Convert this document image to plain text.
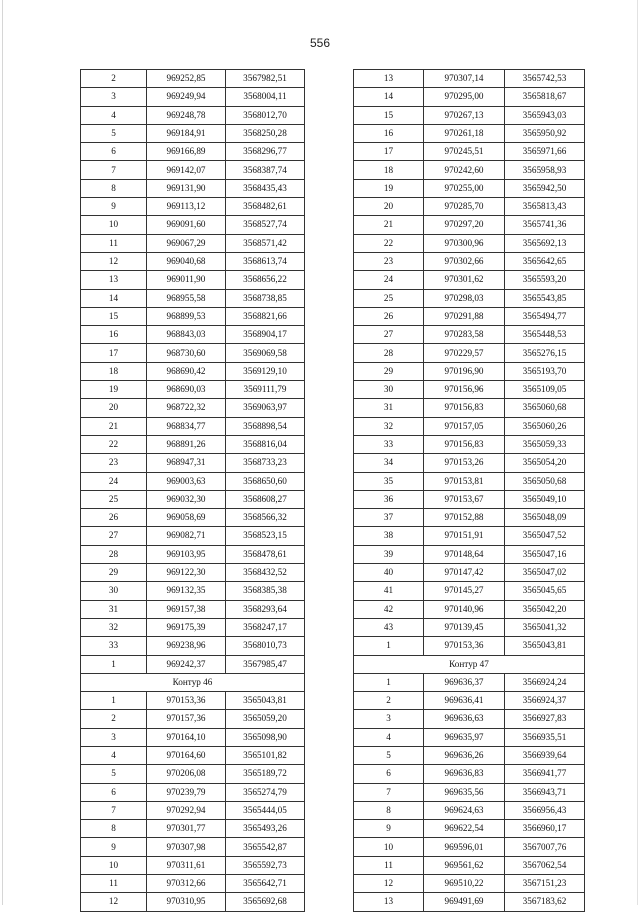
556
2	969252,85	3567982,51
3	969249,94	3568004,11
4	969248,78	3568012,70
5	969184,91	3568250,28
6	969166,89	3568296,77
7	969142,07	3568387,74
8	969131,90	3568435,43
9	969113,12	3568482,61
10	969091,60	3568527,74
11	969067,29	3568571,42
12	969040,68	3568613,74
13	969011,90	3568656,22
14	968955,58	3568738,85
15	968899,53	3568821,66
16	968843,03	3568904,17
17	968730,60	3569069,58
18	968690,42	3569129,10
19	968690,03	3569111,79
20	968722,32	3569063,97
21	968834,77	3568898,54
22	968891,26	3568816,04
23	968947,31	3568733,23
24	969003,63	3568650,60
25	969032,30	3568608,27
26	969058,69	3568566,32
27	969082,71	3568523,15
28	969103,95	3568478,61
29	969122,30	3568432,52
30	969132,35	3568385,38
31	969157,38	3568293,64
32	969175,39	3568247,17
33	969238,96	3568010,73
1	969242,37	3567985,47
Контур 46		
1	970153,36	3565043,81
2	970157,36	3565059,20
3	970164,10	3565098,90
4	970164,60	3565101,82
5	970206,08	3565189,72
6	970239,79	3565274,79
7	970292,94	3565444,05
8	970301,77	3565493,26
9	970307,98	3565542,87
10	970311,61	3565592,73
11	970312,66	3565642,71
12	970310,95	3565692,68
13	970307,14	3565742,53
14	970295,00	3565818,67
15	970267,13	3565943,03
16	970261,18	3565950,92
17	970245,51	3565971,66
18	970242,60	3565958,93
19	970255,00	3565942,50
20	970285,70	3565813,43
21	970297,20	3565741,36
22	970300,96	3565692,13
23	970302,66	3565642,65
24	970301,62	3565593,20
25	970298,03	3565543,85
26	970291,88	3565494,77
27	970283,58	3565448,53
28	970229,57	3565276,15
29	970196,90	3565193,70
30	970156,96	3565109,05
31	970156,83	3565060,68
32	970157,05	3565060,26
33	970156,83	3565059,33
34	970153,26	3565054,20
35	970153,81	3565050,68
36	970153,67	3565049,10
37	970152,88	3565048,09
38	970151,91	3565047,52
39	970148,64	3565047,16
40	970147,42	3565047,02
41	970145,27	3565045,65
42	970140,96	3565042,20
43	970139,45	3565041,32
1	970153,36	3565043,81
Контур 47		
1	969636,37	3566924,24
2	969636,41	3566924,37
3	969636,63	3566927,83
4	969635,97	3566935,51
5	969636,26	3566939,64
6	969636,83	3566941,77
7	969635,56	3566943,71
8	969624,63	3566956,43
9	969622,54	3566960,17
10	969596,01	3567007,76
11	969561,62	3567062,54
12	969510,22	3567151,23
13	969491,69	3567183,62
